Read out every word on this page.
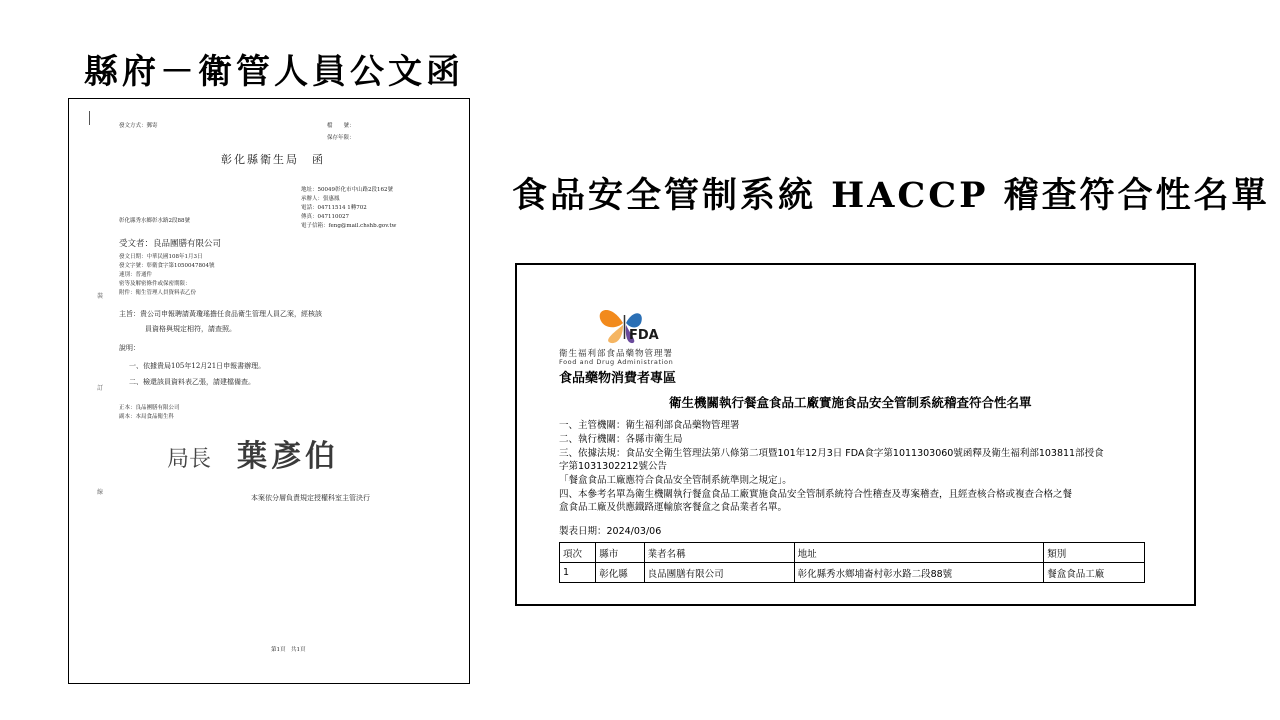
縣府－衛管人員公文函
食品安全管制系統 HACCP 稽查符合性名單
發文方式：郵寄	檔　　號：
保存年限：
彰化縣衛生局　函
地址：50049彰化市中山路2段162號
承辦人：張惠鳳
電話：04711514 1轉702
傳真：047110027
電子信箱：feng@mail.chshb.gov.tw
彰化縣秀水鄉彰水路2段88號
受文者：良品團膳有限公司
發文日期：中華民國108年1月3日
發文字號：彰衛食字第1050047804號
速別：普通件
密等及解密條件或保密期限：
附件：衛生管理人員資料表乙份
主旨：貴公司申報聘請黃瓊瑤擔任食品衛生管理人員乙案，經核該
員資格與規定相符，請查照。
說明：
一、依據貴局105年12月21日申報書辦理。
二、檢還該員資料表乙張，請建檔備查。
正本：良品團膳有限公司
副本：本局食品衛生科
局長 葉彥伯
本案依分層負責規定授權科室主管決行
第1頁　共1頁
裝
訂
線
FDA
衛生福利部食品藥物管理署
Food and Drug Administration
食品藥物消費者專區
衛生機關執行餐盒食品工廠實施食品安全管制系統稽查符合性名單
一、主管機關：衛生福利部食品藥物管理署
二、執行機關：各縣市衛生局
三、依據法規：食品安全衛生管理法第八條第二項暨101年12月3日 FDA食字第1011303060號函釋及衛生福利部103811部授食
字第1031302212號公告
「餐盒食品工廠應符合食品安全管制系統準則之規定」。
四、本參考名單為衛生機關執行餐盒食品工廠實施食品安全管制系統符合性稽查及專案稽查，且經查核合格或複查合格之餐
盒食品工廠及供應鐵路運輸旅客餐盒之食品業者名單。
製表日期：2024/03/06
項次	縣市	業者名稱	地址	類別
1	彰化縣	良品團膳有限公司	彰化縣秀水鄉埔崙村彰水路二段88號	餐盒食品工廠
